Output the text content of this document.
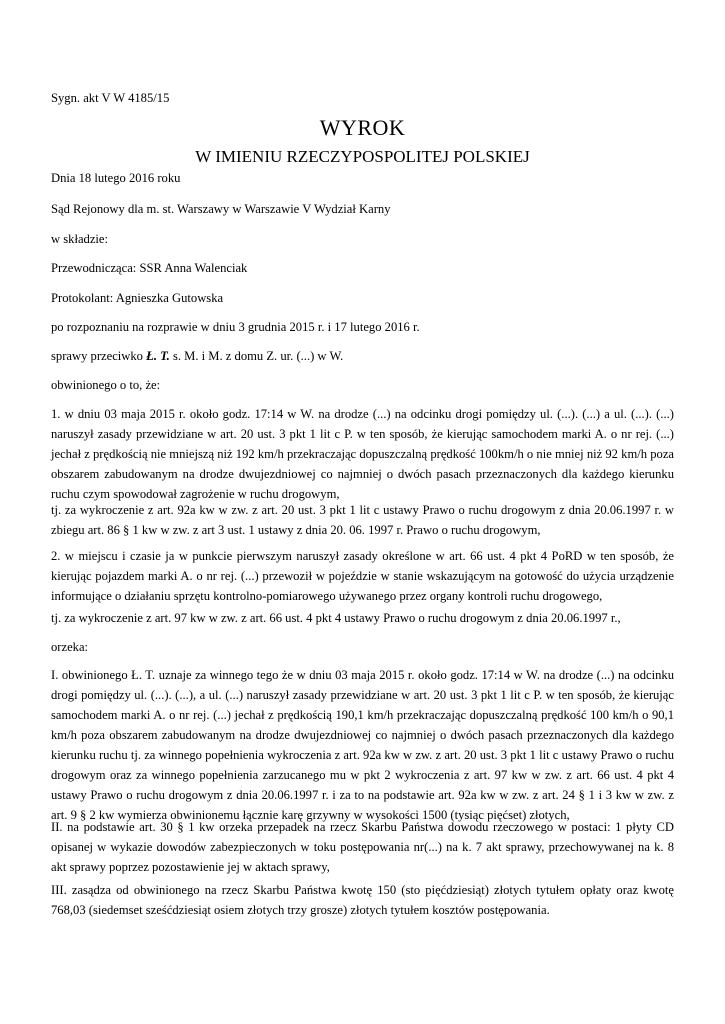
Sygn. akt V W 4185/15

WYROK
W IMIENIU RZECZYPOSPOLITEJ POLSKIEJ

Dnia 18 lutego 2016 roku

Sąd Rejonowy dla m. st. Warszawy w Warszawie V Wydział Karny

w składzie:

Przewodnicząca: SSR Anna Walenciak

Protokolant: Agnieszka Gutowska

po rozpoznaniu na rozprawie w dniu 3 grudnia 2015 r. i 17 lutego 2016 r.

sprawy przeciwko Ł. T. s. M. i M. z domu Z. ur. (...) w W.

obwinionego o to, że:

1. w dniu 03 maja 2015 r. około godz. 17:14 w W. na drodze (...) na odcinku drogi pomiędzy ul. (...). (...) a ul. (...). (...) naruszył zasady przewidziane w art. 20 ust. 3 pkt 1 lit c P. w ten sposób, że kierując samochodem marki A. o nr rej. (...) jechał z prędkością nie mniejszą niż 192 km/h przekraczając dopuszczalną prędkość 100km/h o nie mniej niż 92 km/h poza obszarem zabudowanym na drodze dwujezdniowej co najmniej o dwóch pasach przeznaczonych dla każdego kierunku ruchu czym spowodował zagrożenie w ruchu drogowym,

tj. za wykroczenie z art. 92a kw w zw. z art. 20 ust. 3 pkt 1 lit c ustawy Prawo o ruchu drogowym z dnia 20.06.1997 r. w zbiegu art. 86 § 1 kw w zw. z art 3 ust. 1 ustawy z dnia 20. 06. 1997 r. Prawo o ruchu drogowym,

2. w miejscu i czasie ja w punkcie pierwszym naruszył zasady określone w art. 66 ust. 4 pkt 4 PoRD w ten sposób, że kierując pojazdem marki A. o nr rej. (...) przewoził w pojeździe w stanie wskazującym na gotowość do użycia urządzenie informujące o działaniu sprzętu kontrolno-pomiarowego używanego przez organy kontroli ruchu drogowego,

tj. za wykroczenie z art. 97 kw w zw. z art. 66 ust. 4 pkt 4 ustawy Prawo o ruchu drogowym z dnia 20.06.1997 r.,

orzeka:

I. obwinionego Ł. T. uznaje za winnego tego że w dniu 03 maja 2015 r. około godz. 17:14 w W. na drodze (...) na odcinku drogi pomiędzy ul. (...). (...), a ul. (...) naruszył zasady przewidziane w art. 20 ust. 3 pkt 1 lit c P. w ten sposób, że kierując samochodem marki A. o nr rej. (...) jechał z prędkością 190,1 km/h przekraczając dopuszczalną prędkość 100 km/h o 90,1 km/h poza obszarem zabudowanym na drodze dwujezdniowej co najmniej o dwóch pasach przeznaczonych dla każdego kierunku ruchu tj. za winnego popełnienia wykroczenia z art. 92a kw w zw. z art. 20 ust. 3 pkt 1 lit c ustawy Prawo o ruchu drogowym oraz za winnego popełnienia zarzucanego mu w pkt 2 wykroczenia z art. 97 kw w zw. z art. 66 ust. 4 pkt 4 ustawy Prawo o ruchu drogowym z dnia 20.06.1997 r. i za to na podstawie art. 92a kw w zw. z art. 24 § 1 i 3 kw w zw. z art. 9 § 2 kw wymierza obwinionemu łącznie karę grzywny w wysokości 1500 (tysiąc pięćset) złotych,

II. na podstawie art. 30 § 1 kw orzeka przepadek na rzecz Skarbu Państwa dowodu rzeczowego w postaci: 1 płyty CD opisanej w wykazie dowodów zabezpieczonych w toku postępowania nr(...) na k. 7 akt sprawy, przechowywanej na k. 8 akt sprawy poprzez pozostawienie jej w aktach sprawy,

III. zasądza od obwinionego na rzecz Skarbu Państwa kwotę 150 (sto pięćdziesiąt) złotych tytułem opłaty oraz kwotę 768,03 (siedemset sześćdziesiąt osiem złotych trzy grosze) złotych tytułem kosztów postępowania.
